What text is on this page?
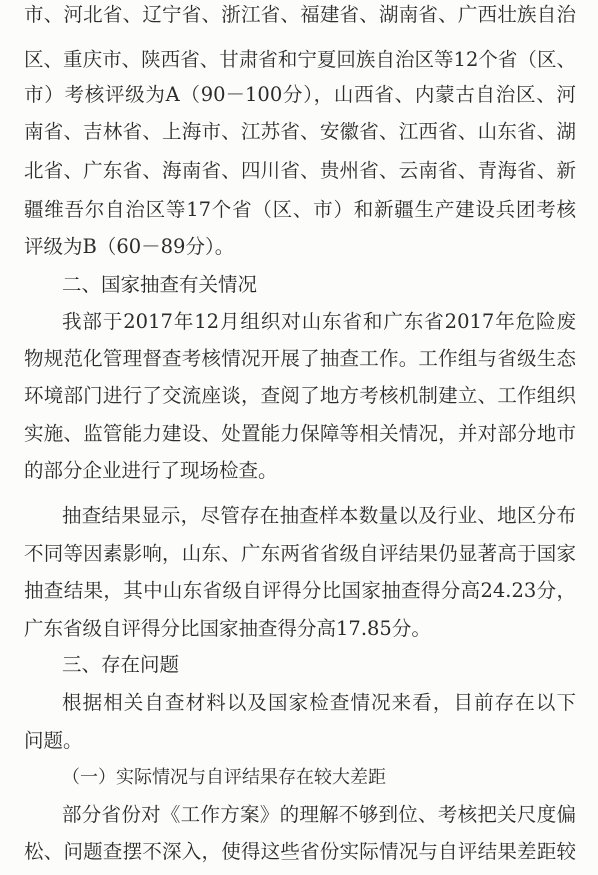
市、河北省、辽宁省、浙江省、福建省、湖南省、广西壮族自治
区、重庆市、陕西省、甘肃省和宁夏回族自治区等12个省（区、
市）考核评级为A（90－100分），山西省、内蒙古自治区、河
南省、吉林省、上海市、江苏省、安徽省、江西省、山东省、湖
北省、广东省、海南省、四川省、贵州省、云南省、青海省、新
疆维吾尔自治区等17个省（区、市）和新疆生产建设兵团考核
评级为B（60－89分）。
二、国家抽查有关情况
我部于2017年12月组织对山东省和广东省2017年危险废
物规范化管理督查考核情况开展了抽查工作。工作组与省级生态
环境部门进行了交流座谈，查阅了地方考核机制建立、工作组织
实施、监管能力建设、处置能力保障等相关情况，并对部分地市
的部分企业进行了现场检查。
抽查结果显示，尽管存在抽查样本数量以及行业、地区分布
不同等因素影响，山东、广东两省省级自评结果仍显著高于国家
抽查结果，其中山东省级自评得分比国家抽查得分高24.23分，
广东省级自评得分比国家抽查得分高17.85分。
三、存在问题
根据相关自查材料以及国家检查情况来看，目前存在以下
问题。
（一）实际情况与自评结果存在较大差距
部分省份对《工作方案》的理解不够到位、考核把关尺度偏
松、问题查摆不深入，使得这些省份实际情况与自评结果差距较
